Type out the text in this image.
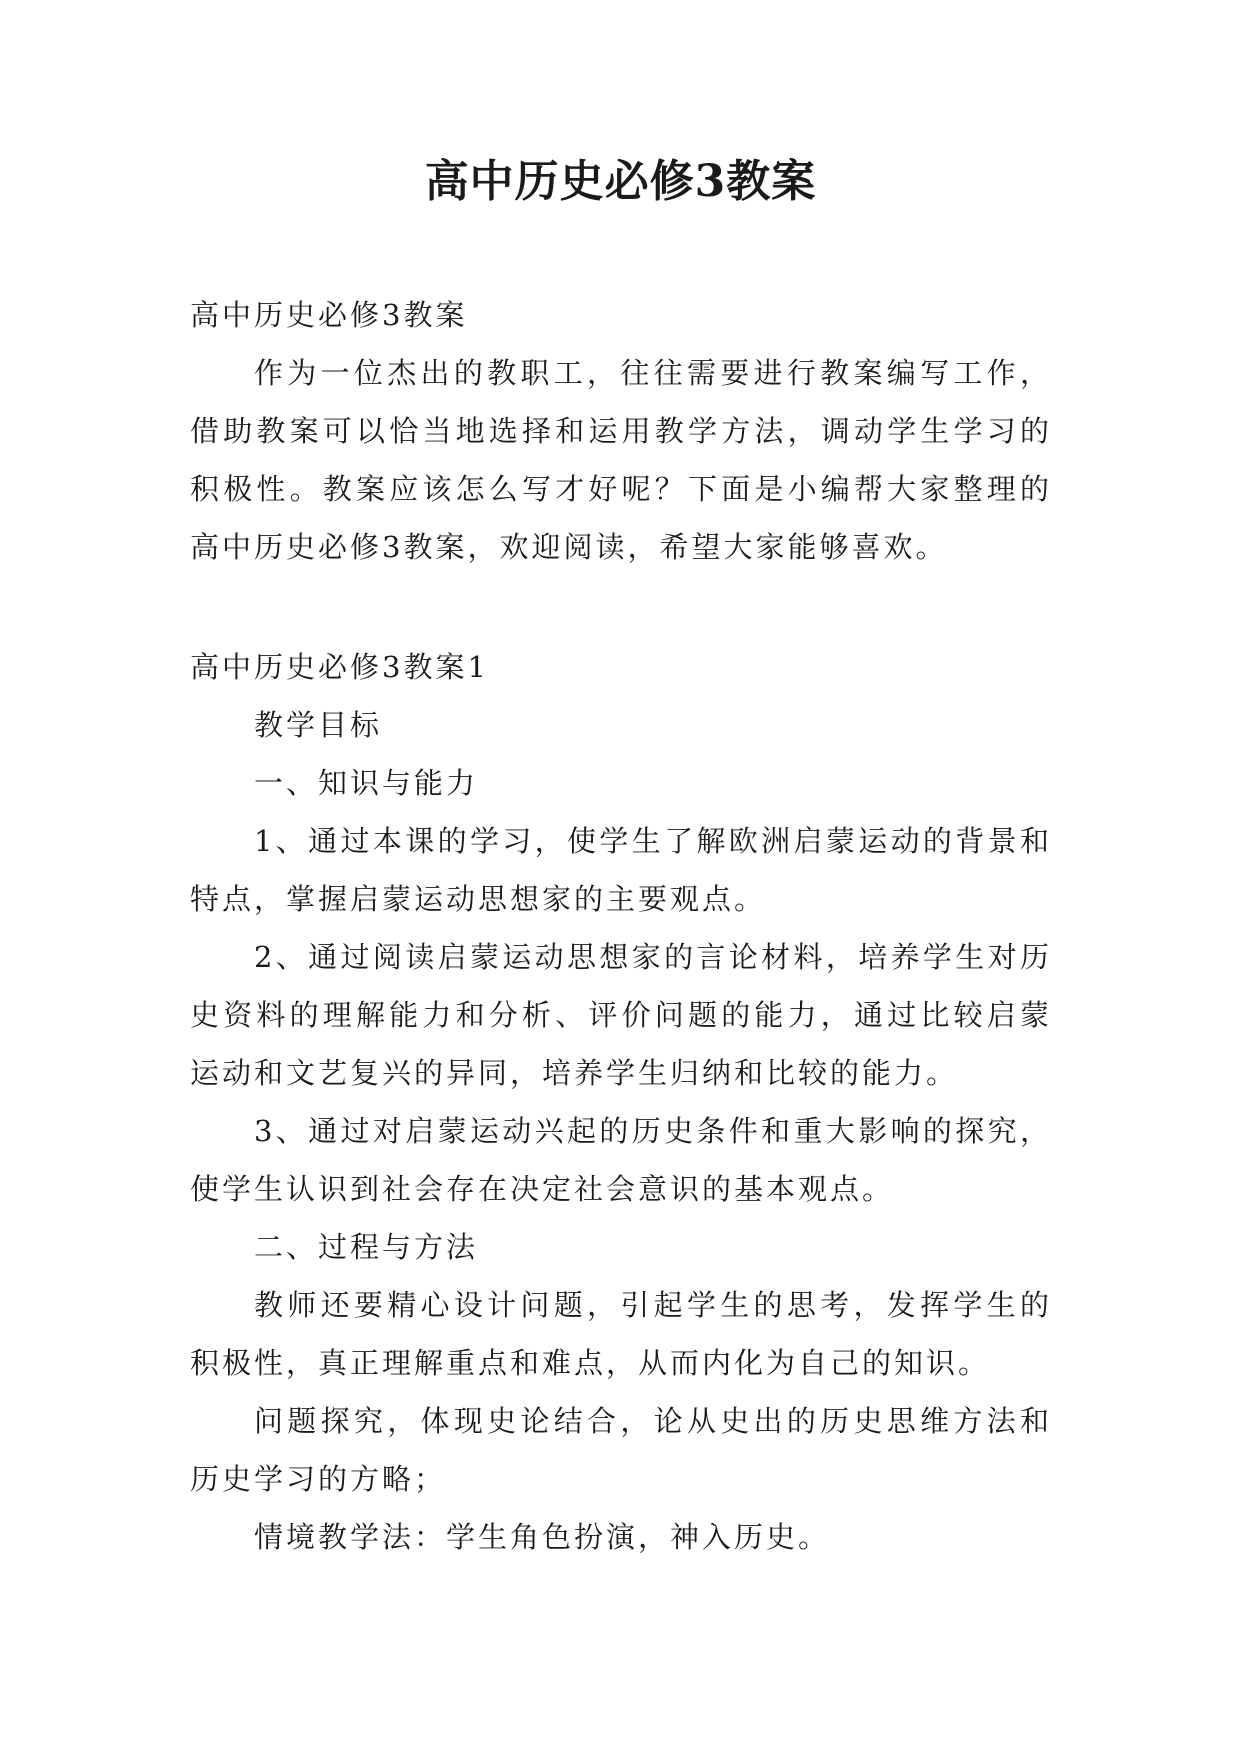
高中历史必修3教案

高中历史必修3教案

作为一位杰出的教职工，往往需要进行教案编写工作，借助教案可以恰当地选择和运用教学方法，调动学生学习的积极性。教案应该怎么写才好呢？下面是小编帮大家整理的高中历史必修3教案，欢迎阅读，希望大家能够喜欢。

高中历史必修3教案1

教学目标

一、知识与能力

1、通过本课的学习，使学生了解欧洲启蒙运动的背景和特点，掌握启蒙运动思想家的主要观点。

2、通过阅读启蒙运动思想家的言论材料，培养学生对历史资料的理解能力和分析、评价问题的能力，通过比较启蒙运动和文艺复兴的异同，培养学生归纳和比较的能力。

3、通过对启蒙运动兴起的历史条件和重大影响的探究，使学生认识到社会存在决定社会意识的基本观点。

二、过程与方法

教师还要精心设计问题，引起学生的思考，发挥学生的积极性，真正理解重点和难点，从而内化为自己的知识。

问题探究，体现史论结合，论从史出的历史思维方法和历史学习的方略；

情境教学法：学生角色扮演，神入历史。
